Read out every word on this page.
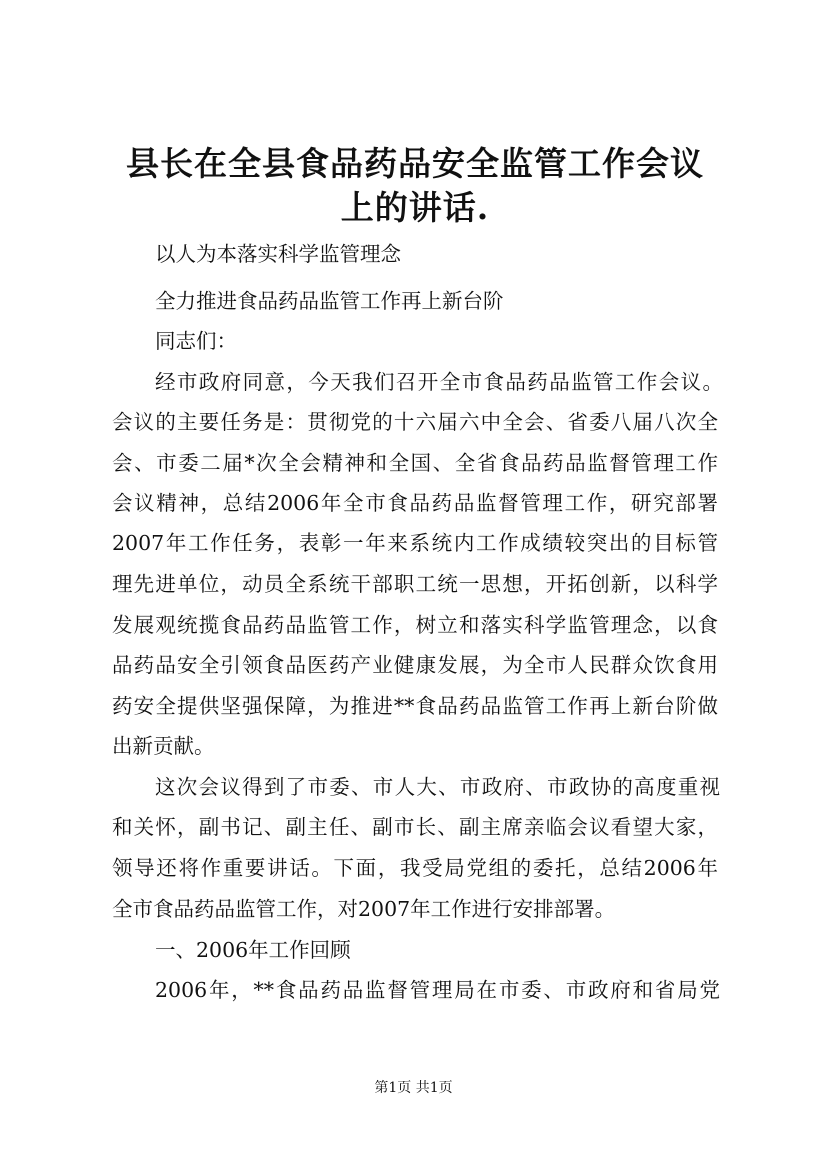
县长在全县食品药品安全监管工作会议上的讲话.
以人为本落实科学监管理念
全力推进食品药品监管工作再上新台阶
同志们：
经市政府同意，今天我们召开全市食品药品监管工作会议。
会议的主要任务是：贯彻党的十六届六中全会、省委八届八次全
会、市委二届*次全会精神和全国、全省食品药品监督管理工作
会议精神，总结2006年全市食品药品监督管理工作，研究部署
2007年工作任务，表彰一年来系统内工作成绩较突出的目标管
理先进单位，动员全系统干部职工统一思想，开拓创新，以科学
发展观统揽食品药品监管工作，树立和落实科学监管理念，以食
品药品安全引领食品医药产业健康发展，为全市人民群众饮食用
药安全提供坚强保障，为推进**食品药品监管工作再上新台阶做
出新贡献。
这次会议得到了市委、市人大、市政府、市政协的高度重视
和关怀，副书记、副主任、副市长、副主席亲临会议看望大家，
领导还将作重要讲话。下面，我受局党组的委托，总结2006年
全市食品药品监管工作，对2007年工作进行安排部署。
一、2006年工作回顾
2006年，**食品药品监督管理局在市委、市政府和省局党
第1页 共1页
